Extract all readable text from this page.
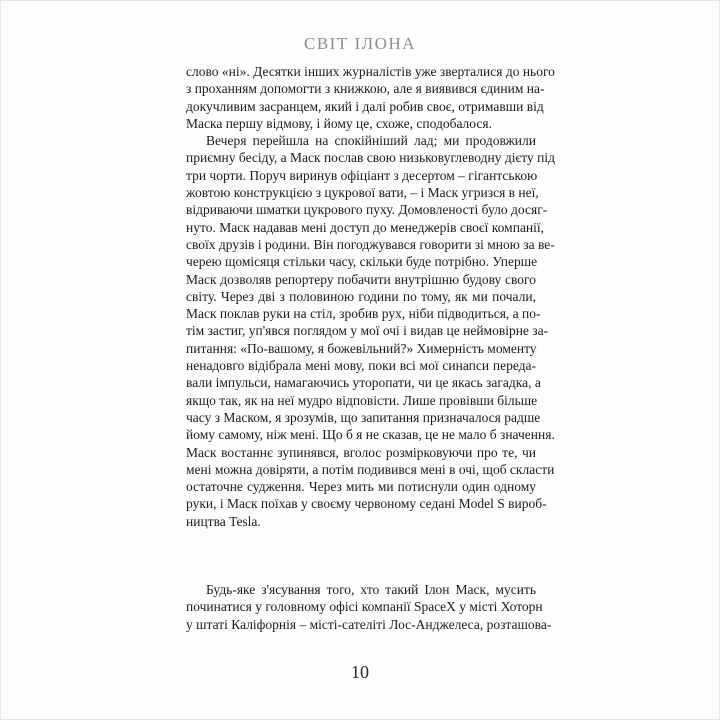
СВІТ ІЛОНА
слово «ні». Десятки інших журналістів уже зверталися до нього
з проханням допомогти з книжкою, але я виявився єдиним на-
докучливим засранцем, який і далі робив своє, отримавши від
Маска першу відмову, і йому це, схоже, сподобалося.
Вечеря перейшла на спокійніший лад; ми продовжили
приємну бесіду, а Маск послав свою низьковуглеводну дієту під
три чорти. Поруч виринув офіціант з десертом – гігантською
жовтою конструкцією з цукрової вати, – і Маск угризся в неї,
відриваючи шматки цукрового пуху. Домовленості було досяг-
нуто. Маск надавав мені доступ до менеджерів своєї компанії,
своїх друзів і родини. Він погоджувався говорити зі мною за ве-
черею щомісяця стільки часу, скільки буде потрібно. Уперше
Маск дозволяв репортеру побачити внутрішню будову свого
світу. Через дві з половиною години по тому, як ми почали,
Маск поклав руки на стіл, зробив рух, ніби підводиться, а по-
тім застиг, уп'явся поглядом у мої очі і видав це неймовірне за-
питання: «По-вашому, я божевільний?» Химерність моменту
ненадовго відібрала мені мову, поки всі мої синапси переда-
вали імпульси, намагаючись уторопати, чи це якась загадка, а
якщо так, як на неї мудро відповісти. Лише провівши більше
часу з Маском, я зрозумів, що запитання призначалося радше
йому самому, ніж мені. Що б я не сказав, це не мало б значення.
Маск востаннє зупинявся, вголос розмірковуючи про те, чи
мені можна довіряти, а потім подивився мені в очі, щоб скласти
остаточне судження. Через мить ми потиснули один одному
руки, і Маск поїхав у своєму червоному седані Model S вироб-
ництва Tesla.
Будь-яке з'ясування того, хто такий Ілон Маск, мусить
починатися у головному офісі компанії SpaceX у місті Хоторн
у штаті Каліфорнія – місті-сателіті Лос-Анджелеса, розташова-
10
